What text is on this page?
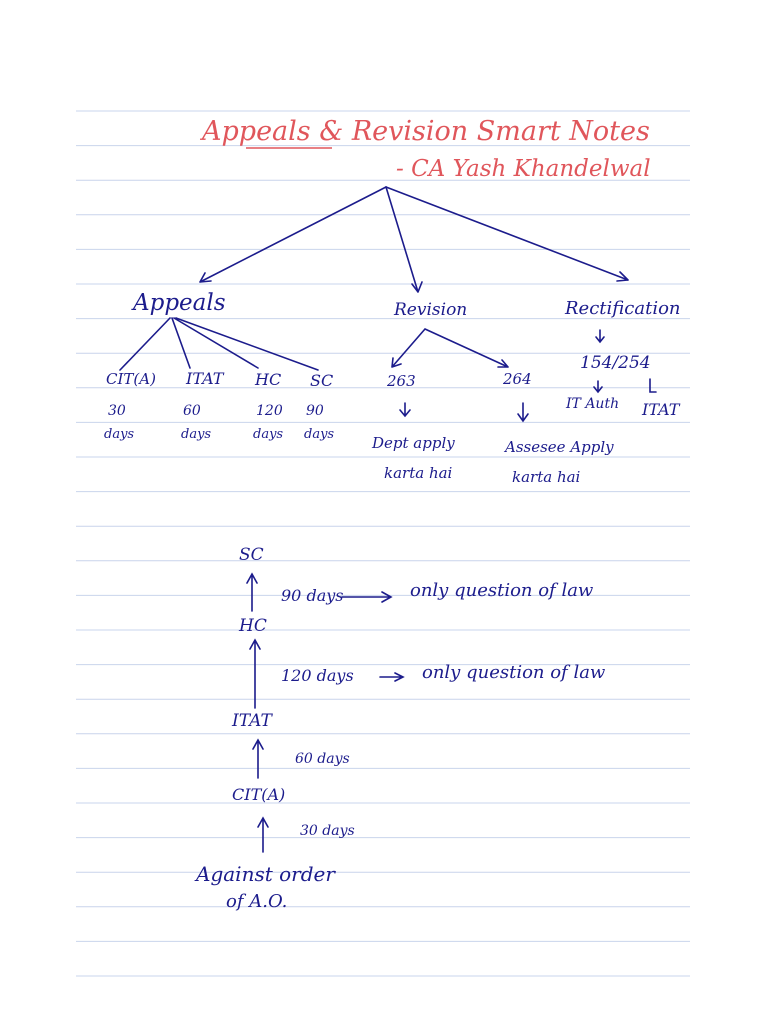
Appeals & Revision Smart Notes
- CA Yash Khandelwal
Appeals	Revision	Rectification
CIT(A) ITAT HC SC
30
days
60
days
120
days
90
days
263	264
Dept apply
karta hai
Assesee Apply
karta hai
154/254
IT Auth ITAT
SC
90 days	only question of law
HC
120 days	only question of law
ITAT
60 days
CIT(A)
30 days
Against order
of A.O.
